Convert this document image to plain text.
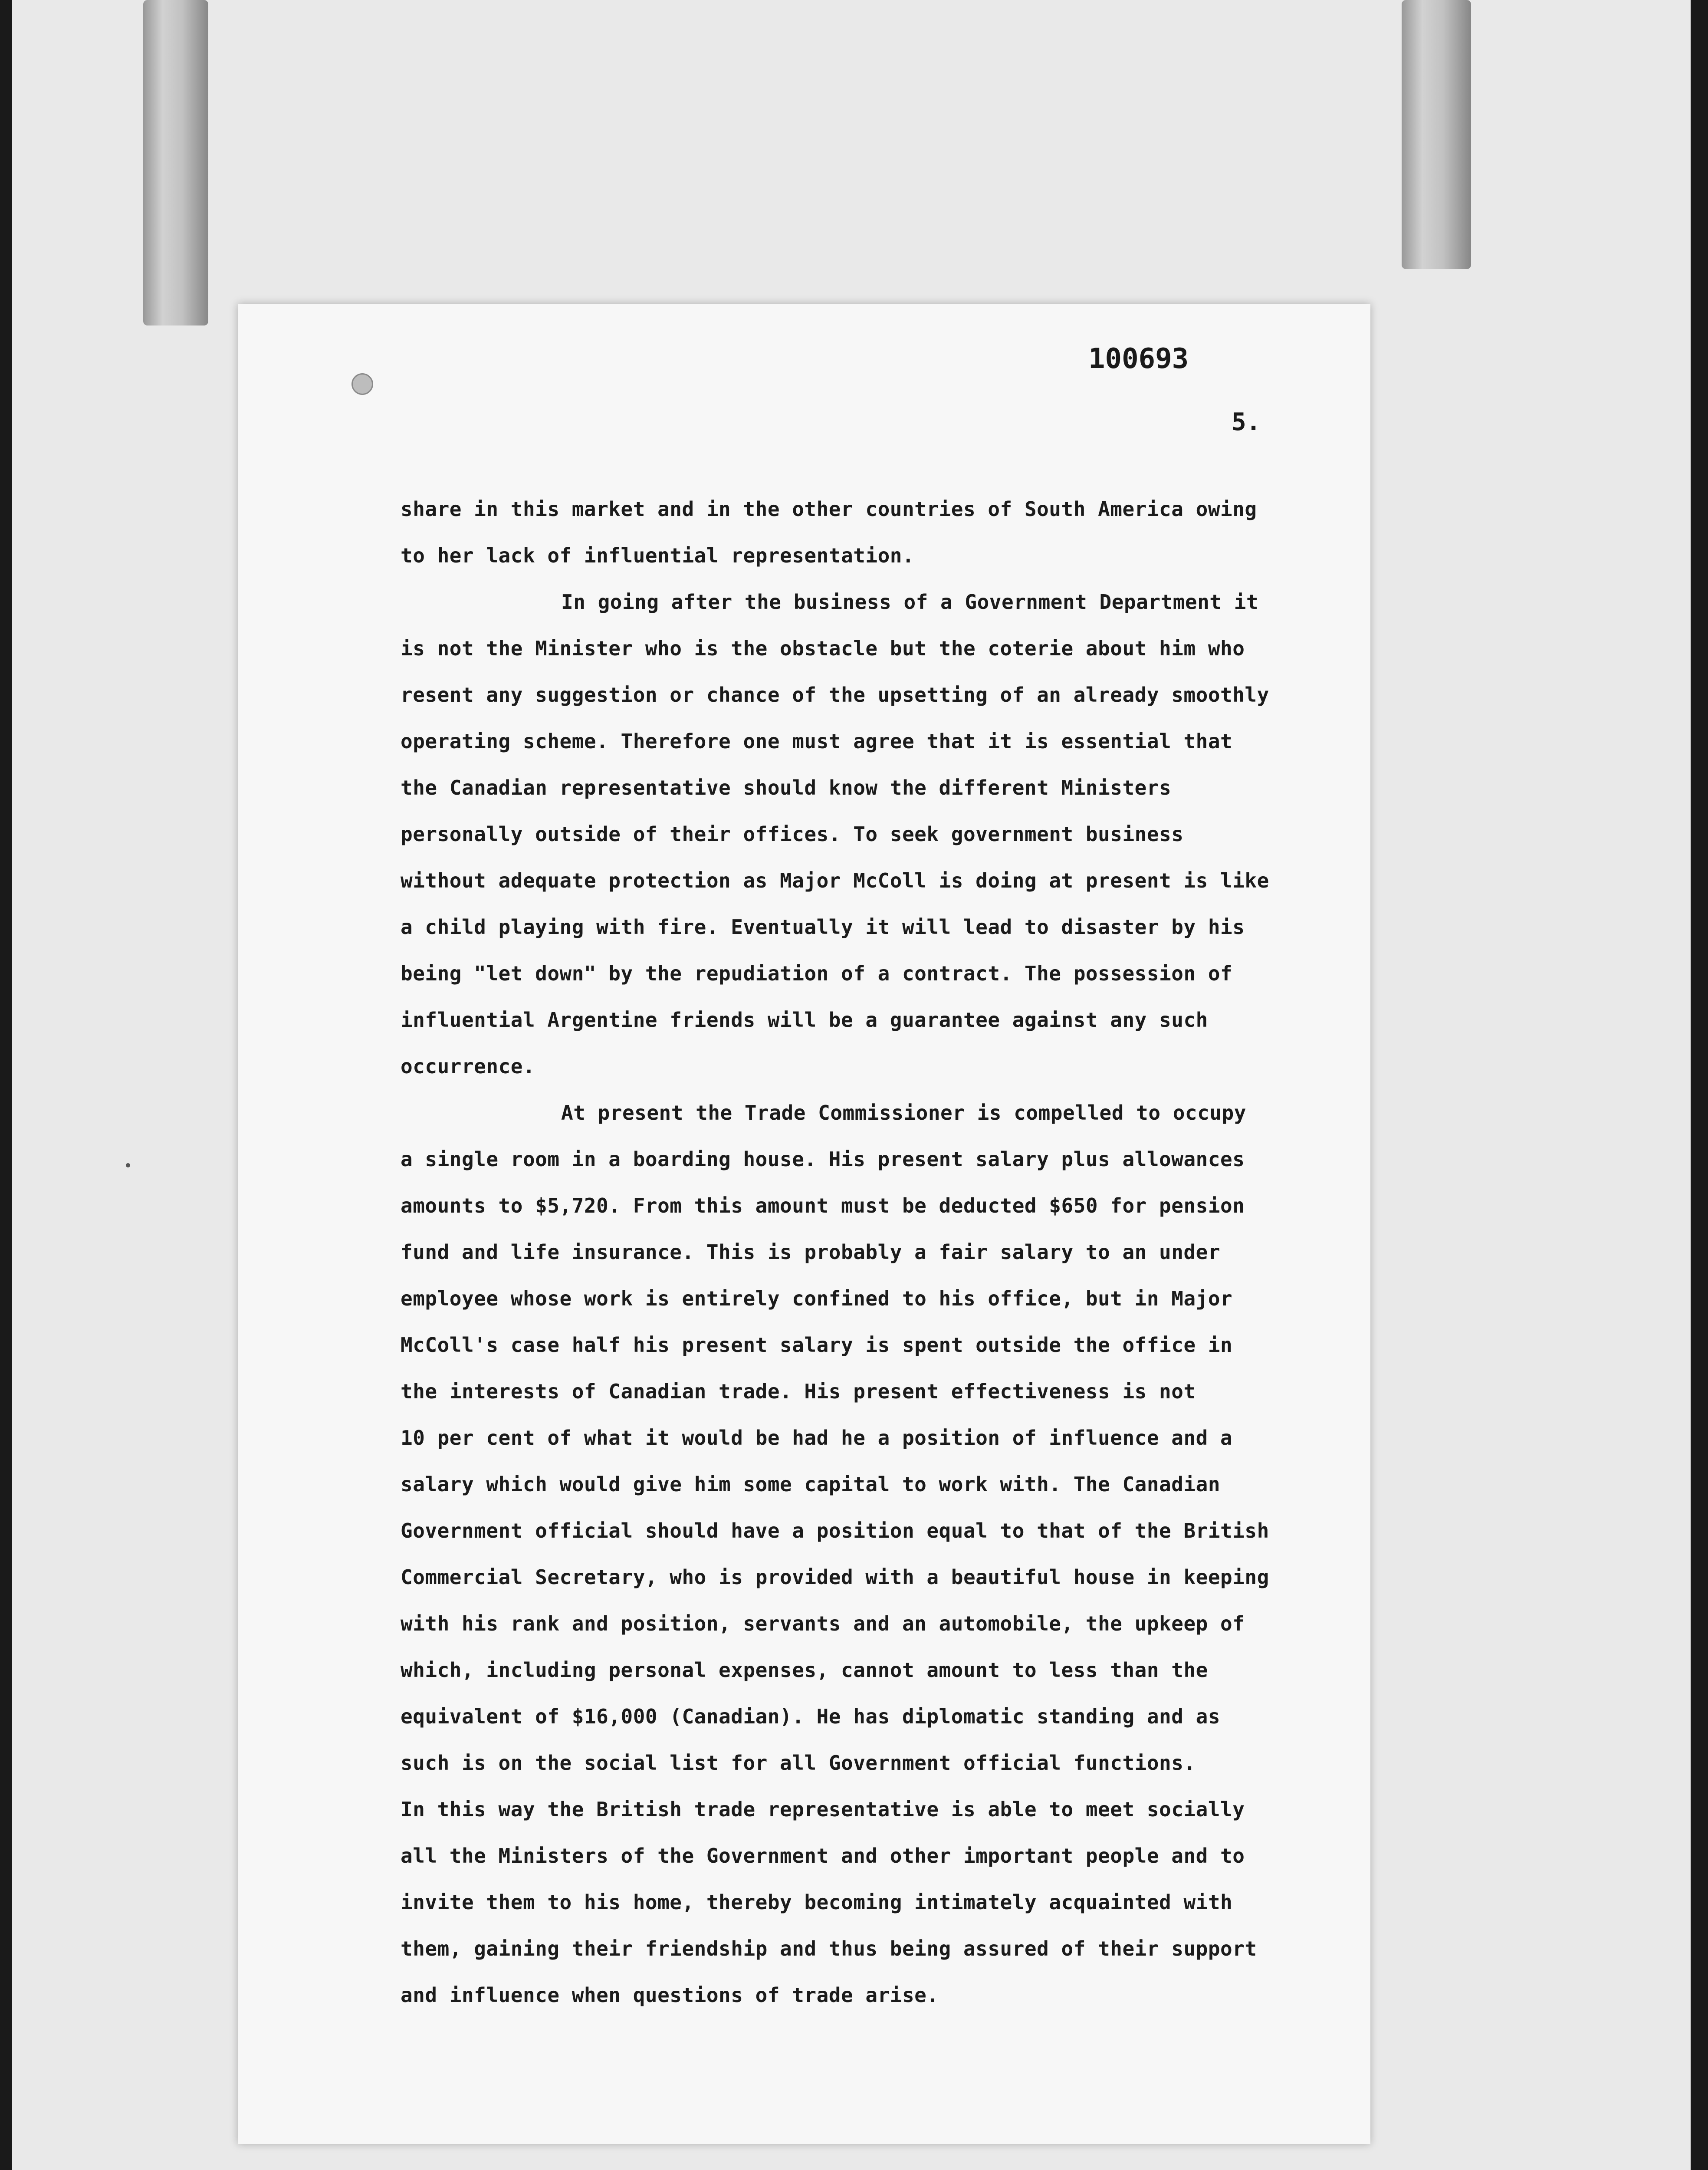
100693
5.
share in this market and in the other countries of South America owing
to her lack of influential representation.
In going after the business of a Government Department it
is not the Minister who is the obstacle but the coterie about him who
resent any suggestion or chance of the upsetting of an already smoothly
operating scheme. Therefore one must agree that it is essential that
the Canadian representative should know the different Ministers
personally outside of their offices. To seek government business
without adequate protection as Major McColl is doing at present is like
a child playing with fire. Eventually it will lead to disaster by his
being "let down" by the repudiation of a contract. The possession of
influential Argentine friends will be a guarantee against any such
occurrence.
At present the Trade Commissioner is compelled to occupy
a single room in a boarding house. His present salary plus allowances
amounts to $5,720. From this amount must be deducted $650 for pension
fund and life insurance. This is probably a fair salary to an under
employee whose work is entirely confined to his office, but in Major
McColl's case half his present salary is spent outside the office in
the interests of Canadian trade. His present effectiveness is not
10 per cent of what it would be had he a position of influence and a
salary which would give him some capital to work with. The Canadian
Government official should have a position equal to that of the British
Commercial Secretary, who is provided with a beautiful house in keeping
with his rank and position, servants and an automobile, the upkeep of
which, including personal expenses, cannot amount to less than the
equivalent of $16,000 (Canadian). He has diplomatic standing and as
such is on the social list for all Government official functions.
In this way the British trade representative is able to meet socially
all the Ministers of the Government and other important people and to
invite them to his home, thereby becoming intimately acquainted with
them, gaining their friendship and thus being assured of their support
and influence when questions of trade arise.
